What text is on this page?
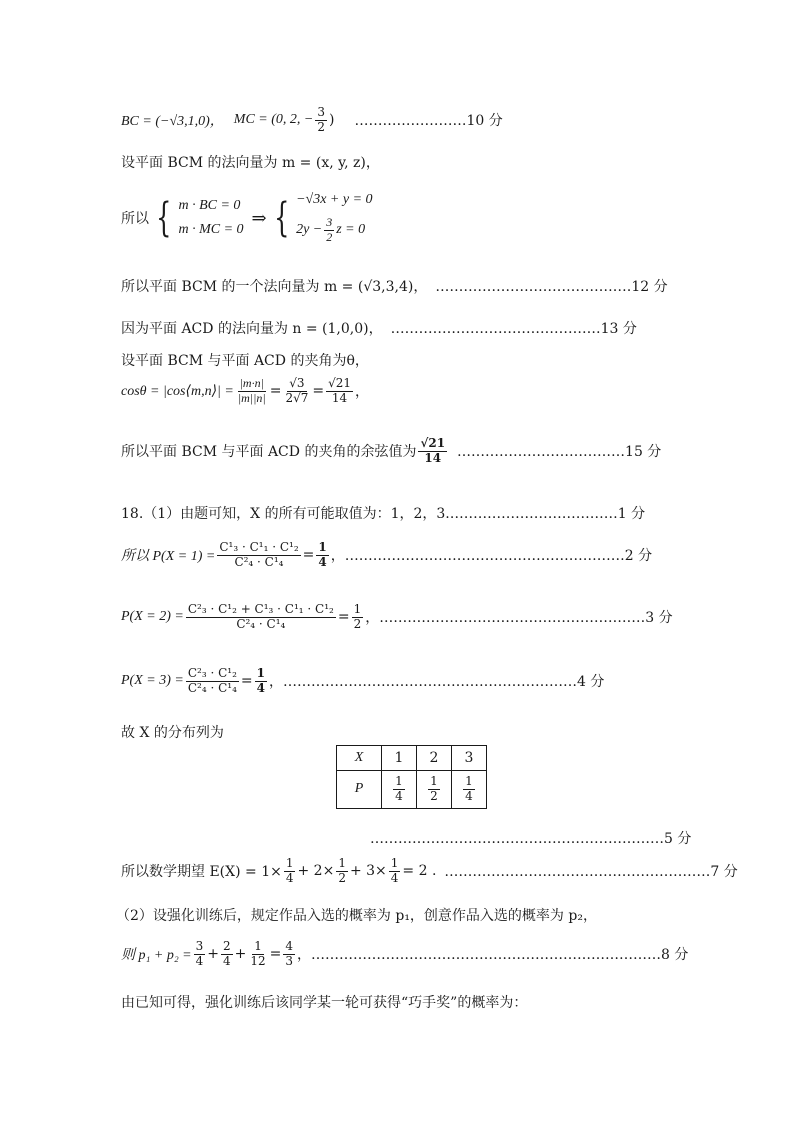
BC = (−√3,1,0)， MC = (0, 2, − $\frac{3}{2}$ ) ……………………10 分
设平面 BCM 的法向量为 m = (x, y, z)，
所以 { m · BC = 0
m · MC = 0
⇒ { −√3x + y = 0
$2y - \frac{3}{2}$ z = 0
所以平面 BCM 的一个法向量为 m = (√3,3,4)， ……………………………………12 分
因为平面 ACD 的法向量为 n = (1,0,0)， ………………………………………13 分
设平面 BCM 与平面 ACD 的夹角为θ，
cosθ = |cos⟨m,n⟩| = $\frac{|m\cdot n|}{|m||n|} = \frac{√3}{2√7} = \frac{√21}{14}$ ，
所以平面 BCM 与平面 ACD 的夹角的余弦值为 $\frac{√21}{14}$ ………………………………15 分
18.（1）由题可知，X 的所有可能取值为：1，2，3. ………………………………1 分
所以 $P(X = 1) = \frac{\text{C¹₃ · C¹₁ · C¹₂}}{\text{C²₄ · C¹₄}} = \frac{1}{4}$ ，……………………………………………………2 分
$P(X = 2) = \frac{\text{C²₃ · C¹₂ + C¹₃ · C¹₁ · C¹₂}}{\text{C²₄ · C¹₄}} = \frac{1}{2}$ ，…………………………………………………3 分
$P(X = 3) = \frac{\text{C²₃ · C¹₂}}{\text{C²₄ · C¹₄}} = \frac{1}{4}$ ，………………………………………………………4 分
故 X 的分布列为
X	1	2	3
P	$\frac{1}{4}$	$\frac{1}{2}$	$\frac{1}{4}$
………………………………………………………5 分
所以数学期望 $E(X) = 1\times \frac{1}{4} + 2\times \frac{1}{2} + 3\times \frac{1}{4} = 2$ . …………………………………………………7 分
（2）设强化训练后，规定作品入选的概率为 p₁，创意作品入选的概率为 p₂，
则 $p_1 + p_2 = \frac{3}{4} + \frac{2}{4} + \frac{1}{12} = \frac{4}{3}$ ，…………………………………………………………………8 分
由已知可得，强化训练后该同学某一轮可获得“巧手奖”的概率为：
